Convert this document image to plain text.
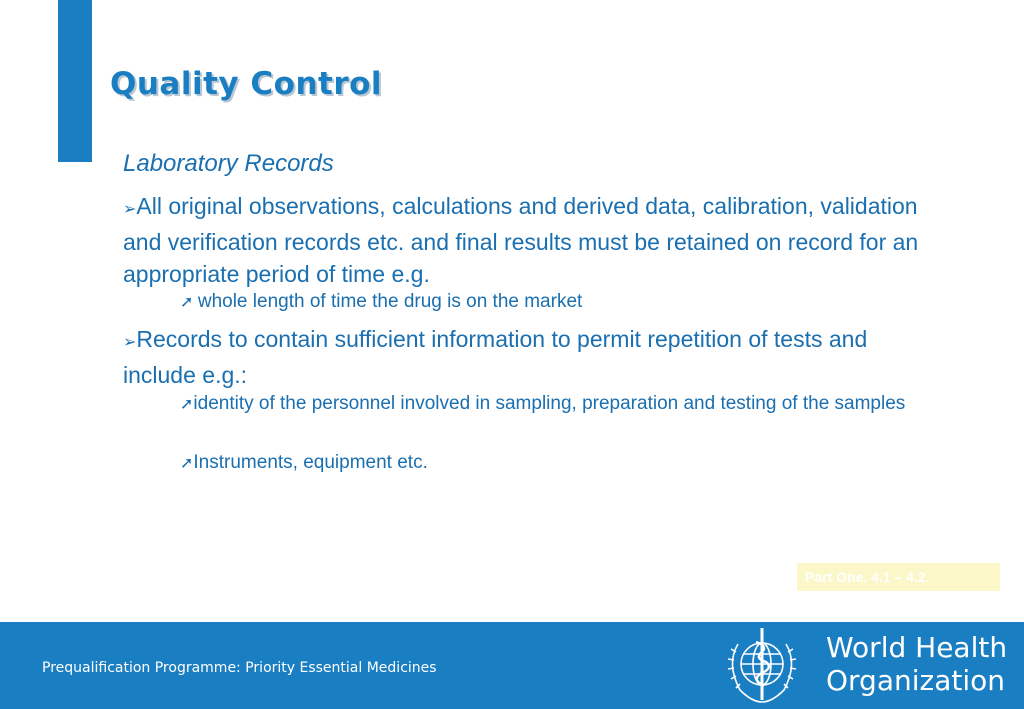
Quality Control
Laboratory Records
➢All original observations, calculations and derived data, calibration, validation and verification records etc. and final results must be retained on record for an appropriate period of time e.g.
➚ whole length of time the drug is on the market
➢Records to contain sufficient information to permit repetition of tests and include e.g.:
➚identity of the personnel involved in sampling, preparation and testing of the samples
➚Instruments, equipment etc.
Part One. 4.1 – 4.2.
Prequalification Programme: Priority Essential Medicines
World Health
Organization
